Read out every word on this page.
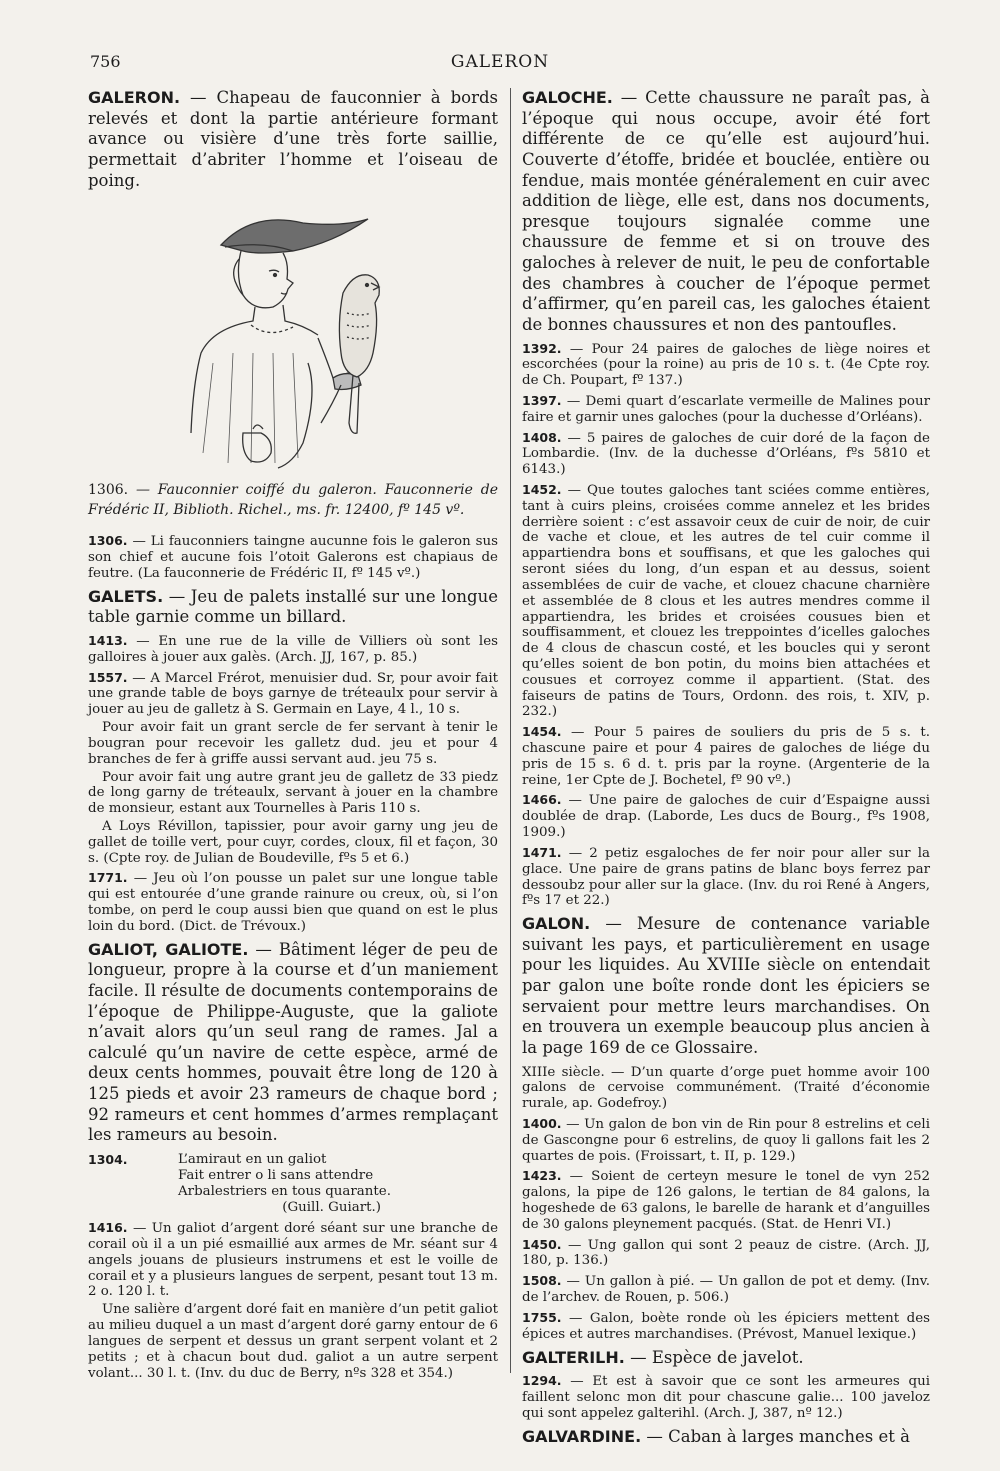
756	GALERON

GALERON. — Chapeau de fauconnier à bords relevés et dont la partie antérieure formant avance ou visière d’une très forte saillie, permettait d’abriter l’homme et l’oiseau de poing.

1306. — Fauconnier coiffé du galeron. Fauconnerie de Frédéric II, Biblioth. Richel., ms. fr. 12400, fº 145 vº.

1306. — Li fauconniers taingne aucunne fois le galeron sus son chief et aucune fois l’otoit Galerons est chapiaus de feutre. (La fauconnerie de Frédéric II, fº 145 vº.)

GALETS. — Jeu de palets installé sur une longue table garnie comme un billard.

1413. — En une rue de la ville de Villiers où sont les galloires à jouer aux galès. (Arch. JJ, 167, p. 85.)

1557. — A Marcel Frérot, menuisier dud. Sr, pour avoir fait une grande table de boys garnye de tréteaulx pour servir à jouer au jeu de galletz à S. Germain en Laye, 4 l., 10 s.

Pour avoir fait un grant sercle de fer servant à tenir le bougran pour recevoir les galletz dud. jeu et pour 4 branches de fer à griffe aussi servant aud. jeu 75 s.

Pour avoir fait ung autre grant jeu de galletz de 33 piedz de long garny de tréteaulx, servant à jouer en la chambre de monsieur, estant aux Tournelles à Paris 110 s.

A Loys Révillon, tapissier, pour avoir garny ung jeu de gallet de toille vert, pour cuyr, cordes, cloux, fil et façon, 30 s. (Cpte roy. de Julian de Boudeville, fºs 5 et 6.)

1771. — Jeu où l’on pousse un palet sur une longue table qui est entourée d’une grande rainure ou creux, où, si l’on tombe, on perd le coup aussi bien que quand on est le plus loin du bord. (Dict. de Trévoux.)

GALIOT, GALIOTE. — Bâtiment léger de peu de longueur, propre à la course et d’un maniement facile. Il résulte de documents contemporains de l’époque de Philippe-Auguste, que la galiote n’avait alors qu’un seul rang de rames. Jal a calculé qu’un navire de cette espèce, armé de deux cents hommes, pouvait être long de 120 à 125 pieds et avoir 23 rameurs de chaque bord ; 92 rameurs et cent hommes d’armes remplaçant les rameurs au besoin.

1304.	L’amiraut en un galiot
Fait entrer o li sans attendre
Arbalestriers en tous quarante.
(Guill. Guiart.)

1416. — Un galiot d’argent doré séant sur une branche de corail où il a un pié esmaillié aux armes de Mr. séant sur 4 angels jouans de plusieurs instrumens et est le voille de corail et y a plusieurs langues de serpent, pesant tout 13 m. 2 o. 120 l. t.

Une salière d’argent doré fait en manière d’un petit galiot au milieu duquel a un mast d’argent doré garny entour de 6 langues de serpent et dessus un grant serpent volant et 2 petits ; et à chacun bout dud. galiot a un autre serpent volant... 30 l. t. (Inv. du duc de Berry, nºs 328 et 354.)

GALOCHE. — Cette chaussure ne paraît pas, à l’époque qui nous occupe, avoir été fort différente de ce qu’elle est aujourd’hui. Couverte d’étoffe, bridée et bouclée, entière ou fendue, mais montée généralement en cuir avec addition de liège, elle est, dans nos documents, presque toujours signalée comme une chaussure de femme et si on trouve des galoches à relever de nuit, le peu de confortable des chambres à coucher de l’époque permet d’affirmer, qu’en pareil cas, les galoches étaient de bonnes chaussures et non des pantoufles.

1392. — Pour 24 paires de galoches de liège noires et escorchées (pour la roine) au pris de 10 s. t. (4e Cpte roy. de Ch. Poupart, fº 137.)

1397. — Demi quart d’escarlate vermeille de Malines pour faire et garnir unes galoches (pour la duchesse d’Orléans).

1408. — 5 paires de galoches de cuir doré de la façon de Lombardie. (Inv. de la duchesse d’Orléans, fºs 5810 et 6143.)

1452. — Que toutes galoches tant sciées comme entières, tant à cuirs pleins, croisées comme annelez et les brides derrière soient : c’est assavoir ceux de cuir de noir, de cuir de vache et cloue, et les autres de tel cuir comme il appartiendra bons et souffisans, et que les galoches qui seront siées du long, d’un espan et au dessus, soient assemblées de cuir de vache, et clouez chacune charnière et assemblée de 8 clous et les autres mendres comme il appartiendra, les brides et croisées cousues bien et souffisamment, et clouez les treppointes d’icelles galoches de 4 clous de chascun costé, et les boucles qui y seront qu’elles soient de bon potin, du moins bien attachées et cousues et corroyez comme il appartient. (Stat. des faiseurs de patins de Tours, Ordonn. des rois, t. XIV, p. 232.)

1454. — Pour 5 paires de souliers du pris de 5 s. t. chascune paire et pour 4 paires de galoches de liége du pris de 15 s. 6 d. t. pris par la royne. (Argenterie de la reine, 1er Cpte de J. Bochetel, fº 90 vº.)

1466. — Une paire de galoches de cuir d’Espaigne aussi doublée de drap. (Laborde, Les ducs de Bourg., fºs 1908, 1909.)

1471. — 2 petiz esgaloches de fer noir pour aller sur la glace. Une paire de grans patins de blanc boys ferrez par dessoubz pour aller sur la glace. (Inv. du roi René à Angers, fºs 17 et 22.)

GALON. — Mesure de contenance variable suivant les pays, et particulièrement en usage pour les liquides. Au XVIIIe siècle on entendait par galon une boîte ronde dont les épiciers se servaient pour mettre leurs marchandises. On en trouvera un exemple beaucoup plus ancien à la page 169 de ce Glossaire.

XIIIe siècle. — D’un quarte d’orge puet homme avoir 100 galons de cervoise communément. (Traité d’économie rurale, ap. Godefroy.)

1400. — Un galon de bon vin de Rin pour 8 estrelins et celi de Gascongne pour 6 estrelins, de quoy li gallons fait les 2 quartes de pois. (Froissart, t. II, p. 129.)

1423. — Soient de certeyn mesure le tonel de vyn 252 galons, la pipe de 126 galons, le tertian de 84 galons, la hogeshede de 63 galons, le barelle de harank et d’anguilles de 30 galons pleynement pacqués. (Stat. de Henri VI.)

1450. — Ung gallon qui sont 2 peauz de cistre. (Arch. JJ, 180, p. 136.)

1508. — Un gallon à pié. — Un gallon de pot et demy. (Inv. de l’archev. de Rouen, p. 506.)

1755. — Galon, boète ronde où les épiciers mettent des épices et autres marchandises. (Prévost, Manuel lexique.)

GALTERILH. — Espèce de javelot.

1294. — Et est à savoir que ce sont les armeures qui faillent selonc mon dit pour chascune galie... 100 javeloz qui sont appelez galterihl. (Arch. J, 387, nº 12.)

GALVARDINE. — Caban à larges manches et à
